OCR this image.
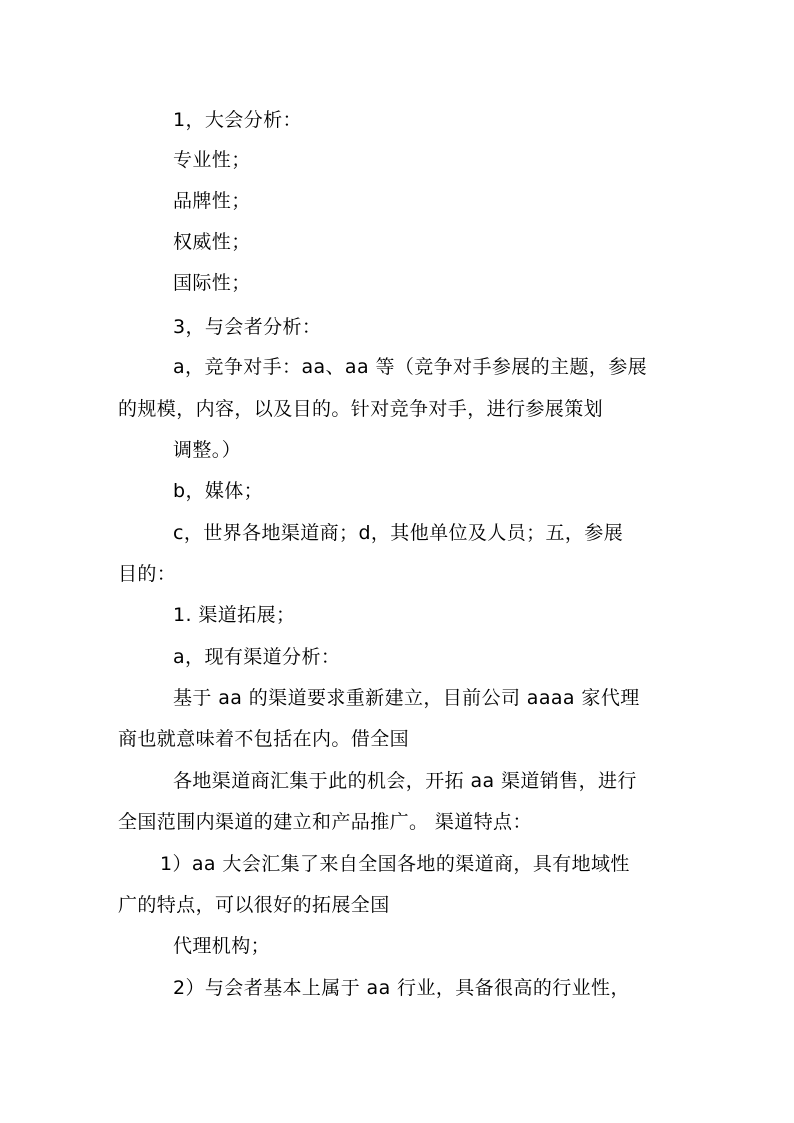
1，大会分析：
专业性；
品牌性；
权威性；
国际性；
3，与会者分析：
a，竞争对手：aa、aa 等（竞争对手参展的主题，参展
的规模，内容，以及目的。针对竞争对手，进行参展策划
调整。）
b，媒体；
c，世界各地渠道商；d，其他单位及人员；五，参展
目的：
1. 渠道拓展；
a，现有渠道分析：
基于 aa 的渠道要求重新建立，目前公司 aaaa 家代理
商也就意味着不包括在内。借全国
各地渠道商汇集于此的机会，开拓 aa 渠道销售，进行
全国范围内渠道的建立和产品推广。 渠道特点：
1）aa 大会汇集了来自全国各地的渠道商，具有地域性
广的特点，可以很好的拓展全国
代理机构；
2）与会者基本上属于 aa 行业，具备很高的行业性，
